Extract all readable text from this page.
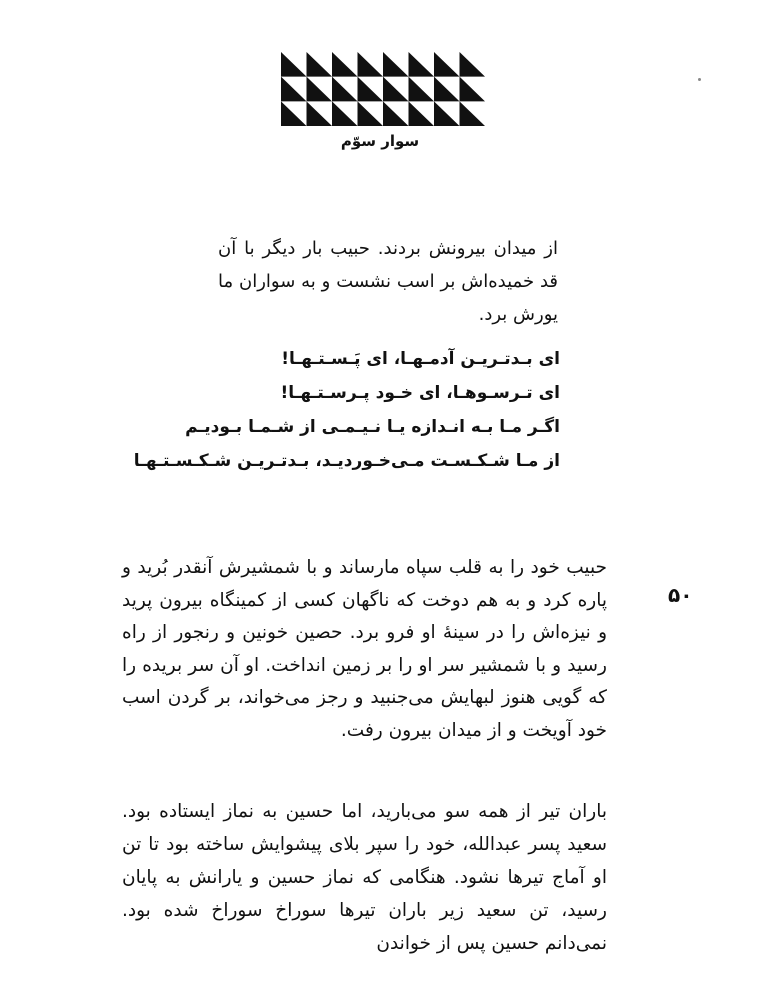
سوار سوّم
از میدان بیرونش بردند. حبیب بار دیگر با آن قد خمیده‌اش بر اسب نشست و به سواران ما یورش برد.
ای بـدتـریـن آدمـهـا، ای پَـسـتـهـا!
ای تـرسـوهـا، ای خـود پـرسـتـهـا!
اگـر مـا بـه انـدازه یـا نـیـمـی از شـمـا بـودیـم
از مـا شـکـسـت مـی‌خـوردیـد، بـدتـریـن شـکـسـتـهـا
حبیب خود را به قلب سپاه مارساند و با شمشیرش آنقدر بُرید و پاره کرد و به هم دوخت که ناگهان کسی از کمینگاه بیرون پرید و نیزه‌اش را در سینهٔ او فرو برد. حصین خونین و رنجور از راه رسید و با شمشیر سر او را بر زمین انداخت. او آن سر بریده را که گویی هنوز لبهایش می‌جنبید و رجز می‌خواند، بر گردن اسب خود آویخت و از میدان بیرون رفت.
۵۰
باران تیر از همه سو می‌بارید، اما حسین به نماز ایستاده بود. سعید پسر عبدالله، خود را سپر بلای پیشوایش ساخته بود تا تن او آماج تیرها نشود. هنگامی که نماز حسین و یارانش به پایان رسید، تن سعید زیر باران تیرها سوراخ سوراخ شده بود. نمی‌دانم حسین پس از خواندن
